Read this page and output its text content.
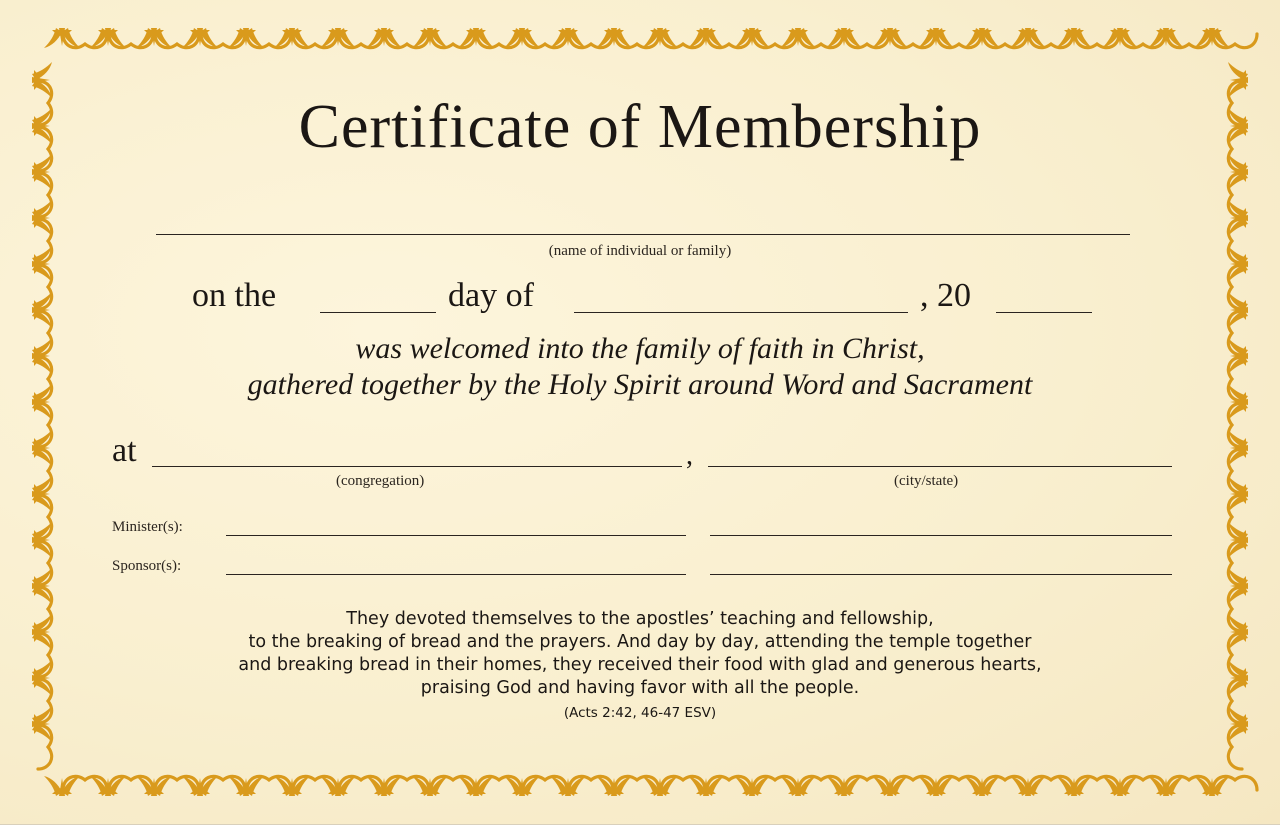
Certificate of Membership
(name of individual or family)
on the	day of	, 20
was welcomed into the family of faith in Christ,
gathered together by the Holy Spirit around Word and Sacrament
at	,
(congregation)	(city/state)
Minister(s):
Sponsor(s):
They devoted themselves to the apostles’ teaching and fellowship,
to the breaking of bread and the prayers. And day by day, attending the temple together
and breaking bread in their homes, they received their food with glad and generous hearts,
praising God and having favor with all the people.
(Acts 2:42, 46-47 ESV)
